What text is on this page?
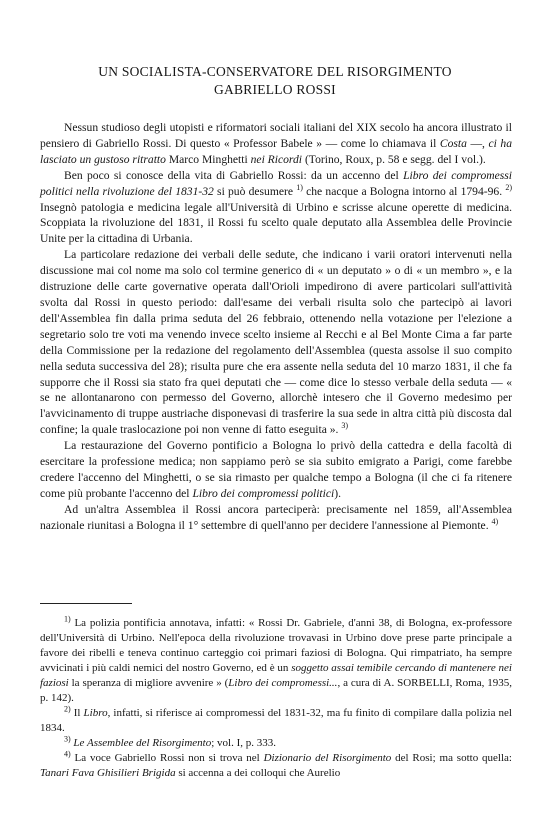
UN SOCIALISTA-CONSERVATORE DEL RISORGIMENTO
GABRIELLO ROSSI

Nessun studioso degli utopisti e riformatori sociali italiani del XIX secolo ha ancora illustrato il pensiero di Gabriello Rossi. Di questo « Professor Babele » — come lo chiamava il Costa —, ci ha lasciato un gustoso ritratto Marco Minghetti nei Ricordi (Torino, Roux, p. 58 e segg. del I vol.).

Ben poco si conosce della vita di Gabriello Rossi: da un accenno del Libro dei compromessi politici nella rivoluzione del 1831-32 si può desumere $^{1)}$ che nacque a Bologna intorno al 1794-96. $^{2)}$ Insegnò patologia e medicina legale all'Università di Urbino e scrisse alcune operette di medicina. Scoppiata la rivoluzione del 1831, il Rossi fu scelto quale deputato alla Assemblea delle Provincie Unite per la cittadina di Urbania.

La particolare redazione dei verbali delle sedute, che indicano i varii oratori intervenuti nella discussione mai col nome ma solo col termine generico di « un deputato » o di « un membro », e la distruzione delle carte governative operata dall'Orioli impedirono di avere particolari sull'attività svolta dal Rossi in questo periodo: dall'esame dei verbali risulta solo che partecipò ai lavori dell'Assemblea fin dalla prima seduta del 26 febbraio, ottenendo nella votazione per l'elezione a segretario solo tre voti ma venendo invece scelto insieme al Recchi e al Bel Monte Cima a far parte della Commissione per la redazione del regolamento dell'Assemblea (questa assolse il suo compito nella seduta successiva del 28); risulta pure che era assente nella seduta del 10 marzo 1831, il che fa supporre che il Rossi sia stato fra quei deputati che — come dice lo stesso verbale della seduta — « se ne allontanarono con permesso del Governo, allorchè intesero che il Governo medesimo per l'avvicinamento di truppe austriache disponevasi di trasferire la sua sede in altra città più discosta dal confine; la quale traslocazione poi non venne di fatto eseguita ». $^{3)}$

La restaurazione del Governo pontificio a Bologna lo privò della cattedra e della facoltà di esercitare la professione medica; non sappiamo però se sia subito emigrato a Parigi, come farebbe credere l'accenno del Minghetti, o se sia rimasto per qualche tempo a Bologna (il che ci fa ritenere come più probante l'accenno del Libro dei compromessi politici).

Ad un'altra Assemblea il Rossi ancora parteciperà: precisamente nel 1859, all'Assemblea nazionale riunitasi a Bologna il 1° settembre di quell'anno per decidere l'annessione al Piemonte. $^{4)}$

$^{1)}$ La polizia pontificia annotava, infatti: « Rossi Dr. Gabriele, d'anni 38, di Bologna, ex-professore dell'Università di Urbino. Nell'epoca della rivoluzione trovavasi in Urbino dove prese parte principale a favore dei ribelli e teneva continuo carteggio coi primari faziosi di Bologna. Qui rimpatriato, ha sempre avvicinati i più caldi nemici del nostro Governo, ed è un soggetto assai temibile cercando di mantenere nei faziosi la speranza di migliore avvenire » (Libro dei compromessi..., a cura di A. SORBELLI, Roma, 1935, p. 142).

$^{2)}$ Il Libro, infatti, si riferisce ai compromessi del 1831-32, ma fu finito di compilare dalla polizia nel 1834.

$^{3)}$ Le Assemblee del Risorgimento; vol. I, p. 333.

$^{4)}$ La voce Gabriello Rossi non si trova nel Dizionario del Risorgimento del Rosi; ma sotto quella: Tanari Fava Ghisilieri Brigida si accenna a dei colloqui che Aurelio
